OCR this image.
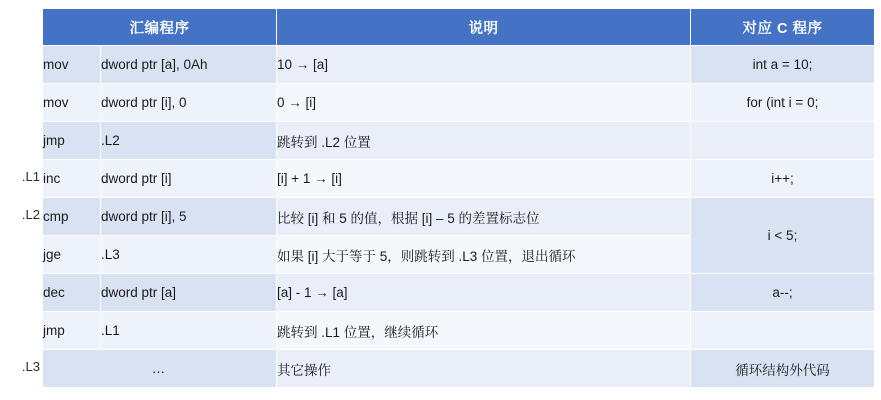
.L1
.L2
.L3
汇编程序		说明	对应 C 程序
mov	dword ptr [a], 0Ah	10 → [a]	int a = 10;
mov	dword ptr [i], 0	0 → [i]	for (int i = 0;
jmp	.L2	跳转到 .L2 位置	
inc	dword ptr [i]	[i] + 1 → [i]	i++;
cmp	dword ptr [i], 5	比较 [i] 和 5 的值，根据 [i] – 5 的差置标志位	i < 5;
jge	.L3	如果 [i] 大于等于 5，则跳转到 .L3 位置，退出循环	
dec	dword ptr [a]	[a] - 1 → [a]	a--;
jmp	.L1	跳转到 .L1 位置，继续循环	
…		其它操作	循环结构外代码
